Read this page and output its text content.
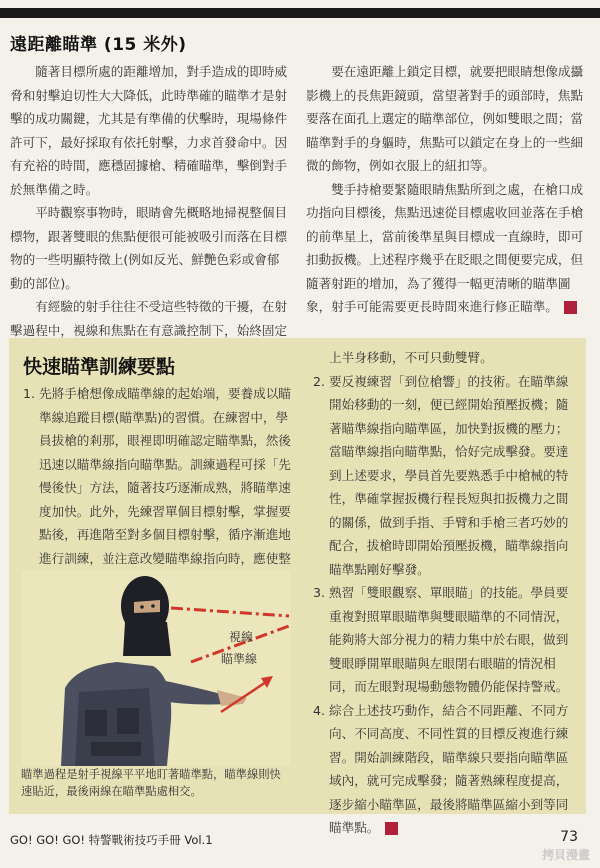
遠距離瞄準 (15 米外)

隨著目標所處的距離增加，對手造成的即時威脅和射擊迫切性大大降低，此時準確的瞄準才是射擊的成功關鍵，尤其是有準備的伏擊時，現場條件許可下，最好採取有依托射擊，力求首發命中。因有充裕的時間，應穩固據槍、精確瞄準，擊倒對手於無準備之時。

平時觀察事物時，眼睛會先概略地掃視整個目標物，跟著雙眼的焦點便很可能被吸引而落在目標物的一些明顯特徵上(例如反光、鮮艷色彩或會郁動的部位)。

有經驗的射手往往不受這些特徵的干擾，在射擊過程中，視線和焦點在有意識控制下，始終固定

要在遠距離上鎖定目標，就要把眼睛想像成攝影機上的長焦距鏡頭，當望著對手的頭部時，焦點要落在面孔上選定的瞄準部位，例如雙眼之間；當瞄準對手的身軀時，焦點可以鎖定在身上的一些細微的飾物，例如衣服上的紐扣等。

雙手持槍要緊隨眼睛焦點所到之處，在槍口成功指向目標後，焦點迅速從目標處收回並落在手槍的前準星上，當前後準星與目標成一直線時，即可扣動扳機。上述程序幾乎在眨眼之間便要完成，但隨著射距的增加，為了獲得一幅更清晰的瞄準圖象，射手可能需要更長時間來進行修正瞄準。

快速瞄準訓練要點
1. 先將手槍想像成瞄準線的起始端，要養成以瞄準線追蹤目標(瞄準點)的習慣。在練習中，學員拔槍的剎那，眼裡即明確認定瞄準點，然後迅速以瞄準線指向瞄準點。訓練過程可採「先慢後快」方法，隨著技巧逐漸成熟，將瞄準速度加快。此外，先練習單個目標射擊，掌握要點後，再進階至對多個目標射擊，循序漸進地進行訓練，並注意改變瞄準線指向時，應使整
視線
瞄準線
瞄準過程是射手視線平平地盯著瞄準點，瞄準線則快速貼近，最後兩線在瞄準點處相交。
上半身移動，不可只動雙臂。
2. 要反複練習「到位槍響」的技術。在瞄準線開始移動的一刻，便已經開始預壓扳機；隨著瞄準線指向瞄準區，加快對扳機的壓力；當瞄準線指向瞄準點，恰好完成擊發。要達到上述要求，學員首先要熟悉手中槍械的特性，準確掌握扳機行程長短與扣扳機力之間的關係，做到手指、手臂和手槍三者巧妙的配合，拔槍時即開始預壓扳機，瞄準線指向瞄準點剛好擊發。
3. 熟習「雙眼觀察、單眼瞄」的技能。學員要重複對照單眼瞄準與雙眼瞄準的不同情況，能夠將大部分視力的精力集中於右眼，做到雙眼睜開單眼瞄與左眼閉右眼瞄的情況相同，而左眼對現場動態物體仍能保持警戒。
4. 綜合上述技巧動作，結合不同距離、不同方向、不同高度、不同性質的目標反複進行練習。開始訓練階段，瞄準線只要指向瞄準區域內，就可完成擊發；隨著熟練程度提高，逐步縮小瞄準區，最後將瞄準區縮小到等同瞄準點。
GO! GO! GO! 特警戰術技巧手冊 Vol.1	73
拷貝漫畫
